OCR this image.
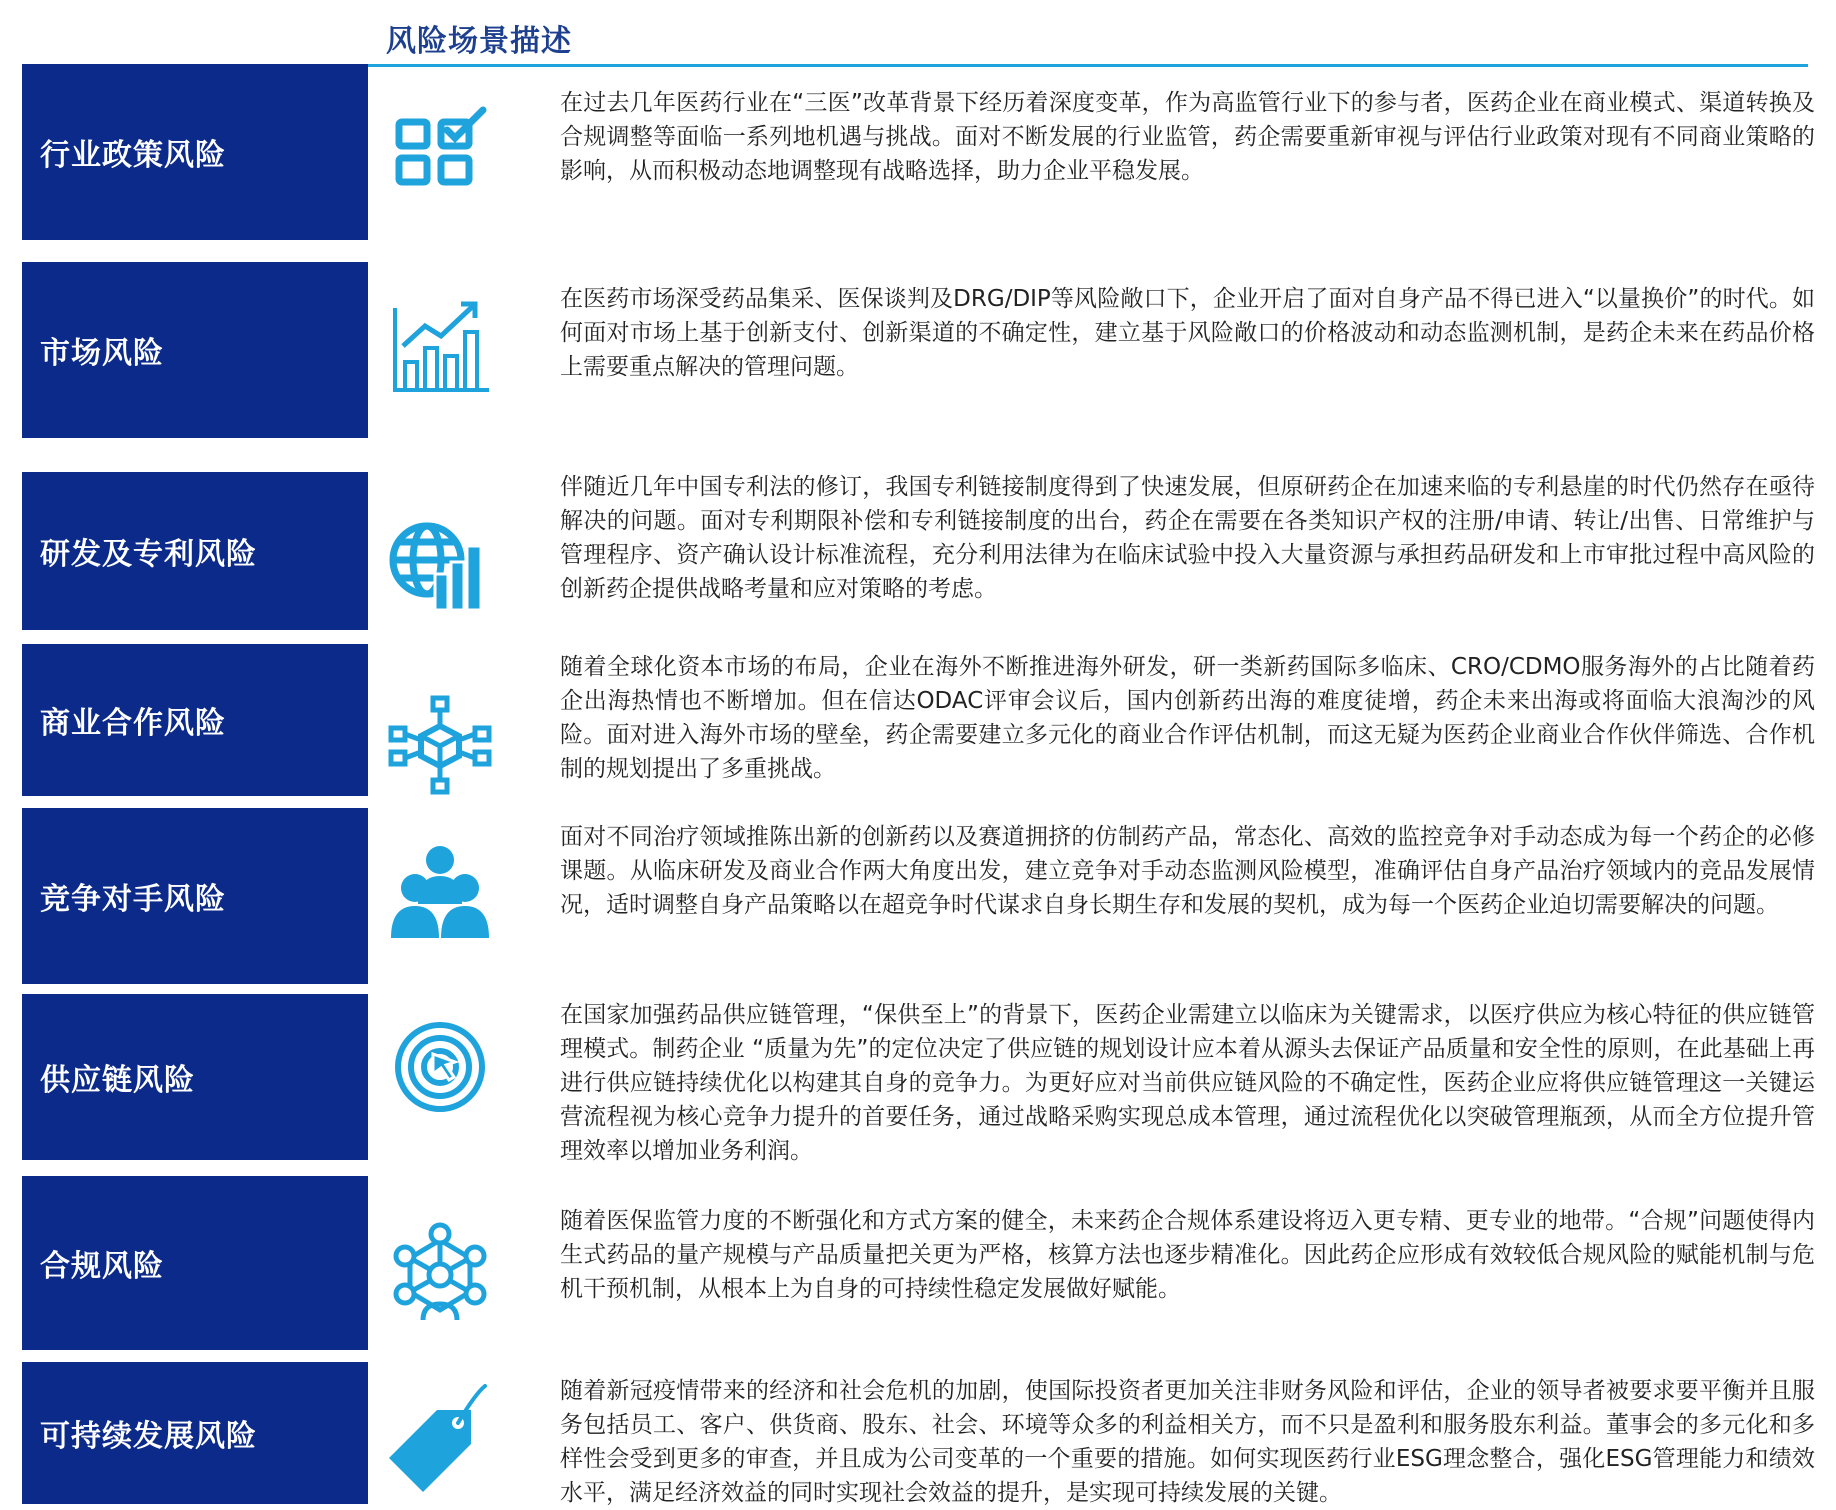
风险场景描述
行业政策风险

在过去几年医药行业在“三医”改革背景下经历着深度变革，作为高监管行业下的参与者，医药企业在商业模式、渠道转换及合规调整等面临一系列地机遇与挑战。面对不断发展的行业监管，药企需要重新审视与评估行业政策对现有不同商业策略的影响，从而积极动态地调整现有战略选择，助力企业平稳发展。

市场风险

在医药市场深受药品集采、医保谈判及DRG/DIP等风险敞口下，企业开启了面对自身产品不得已进入“以量换价”的时代。如何面对市场上基于创新支付、创新渠道的不确定性，建立基于风险敞口的价格波动和动态监测机制，是药企未来在药品价格上需要重点解决的管理问题。

研发及专利风险

伴随近几年中国专利法的修订，我国专利链接制度得到了快速发展，但原研药企在加速来临的专利悬崖的时代仍然存在亟待解决的问题。面对专利期限补偿和专利链接制度的出台，药企在需要在各类知识产权的注册/申请、转让/出售、日常维护与管理程序、资产确认设计标准流程，充分利用法律为在临床试验中投入大量资源与承担药品研发和上市审批过程中高风险的创新药企提供战略考量和应对策略的考虑。

商业合作风险

随着全球化资本市场的布局，企业在海外不断推进海外研发，研一类新药国际多临床、CRO/CDMO服务海外的占比随着药企出海热情也不断增加。但在信达ODAC评审会议后，国内创新药出海的难度徒增，药企未来出海或将面临大浪淘沙的风险。面对进入海外市场的壁垒，药企需要建立多元化的商业合作评估机制，而这无疑为医药企业商业合作伙伴筛选、合作机制的规划提出了多重挑战。

竞争对手风险

面对不同治疗领域推陈出新的创新药以及赛道拥挤的仿制药产品，常态化、高效的监控竞争对手动态成为每一个药企的必修课题。从临床研发及商业合作两大角度出发，建立竞争对手动态监测风险模型，准确评估自身产品治疗领域内的竞品发展情况，适时调整自身产品策略以在超竞争时代谋求自身长期生存和发展的契机，成为每一个医药企业迫切需要解决的问题。

供应链风险

在国家加强药品供应链管理，“保供至上”的背景下，医药企业需建立以临床为关键需求，以医疗供应为核心特征的供应链管理模式。制药企业 “质量为先”的定位决定了供应链的规划设计应本着从源头去保证产品质量和安全性的原则，在此基础上再进行供应链持续优化以构建其自身的竞争力。为更好应对当前供应链风险的不确定性，医药企业应将供应链管理这一关键运营流程视为核心竞争力提升的首要任务，通过战略采购实现总成本管理，通过流程优化以突破管理瓶颈，从而全方位提升管理效率以增加业务利润。

合规风险

随着医保监管力度的不断强化和方式方案的健全，未来药企合规体系建设将迈入更专精、更专业的地带。“合规”问题使得内生式药品的量产规模与产品质量把关更为严格，核算方法也逐步精准化。因此药企应形成有效较低合规风险的赋能机制与危机干预机制，从根本上为自身的可持续性稳定发展做好赋能。

可持续发展风险

随着新冠疫情带来的经济和社会危机的加剧，使国际投资者更加关注非财务风险和评估，企业的领导者被要求要平衡并且服务包括员工、客户、供货商、股东、社会、环境等众多的利益相关方，而不只是盈利和服务股东利益。董事会的多元化和多样性会受到更多的审查，并且成为公司变革的一个重要的措施。如何实现医药行业ESG理念整合，强化ESG管理能力和绩效水平，满足经济效益的同时实现社会效益的提升，是实现可持续发展的关键。
